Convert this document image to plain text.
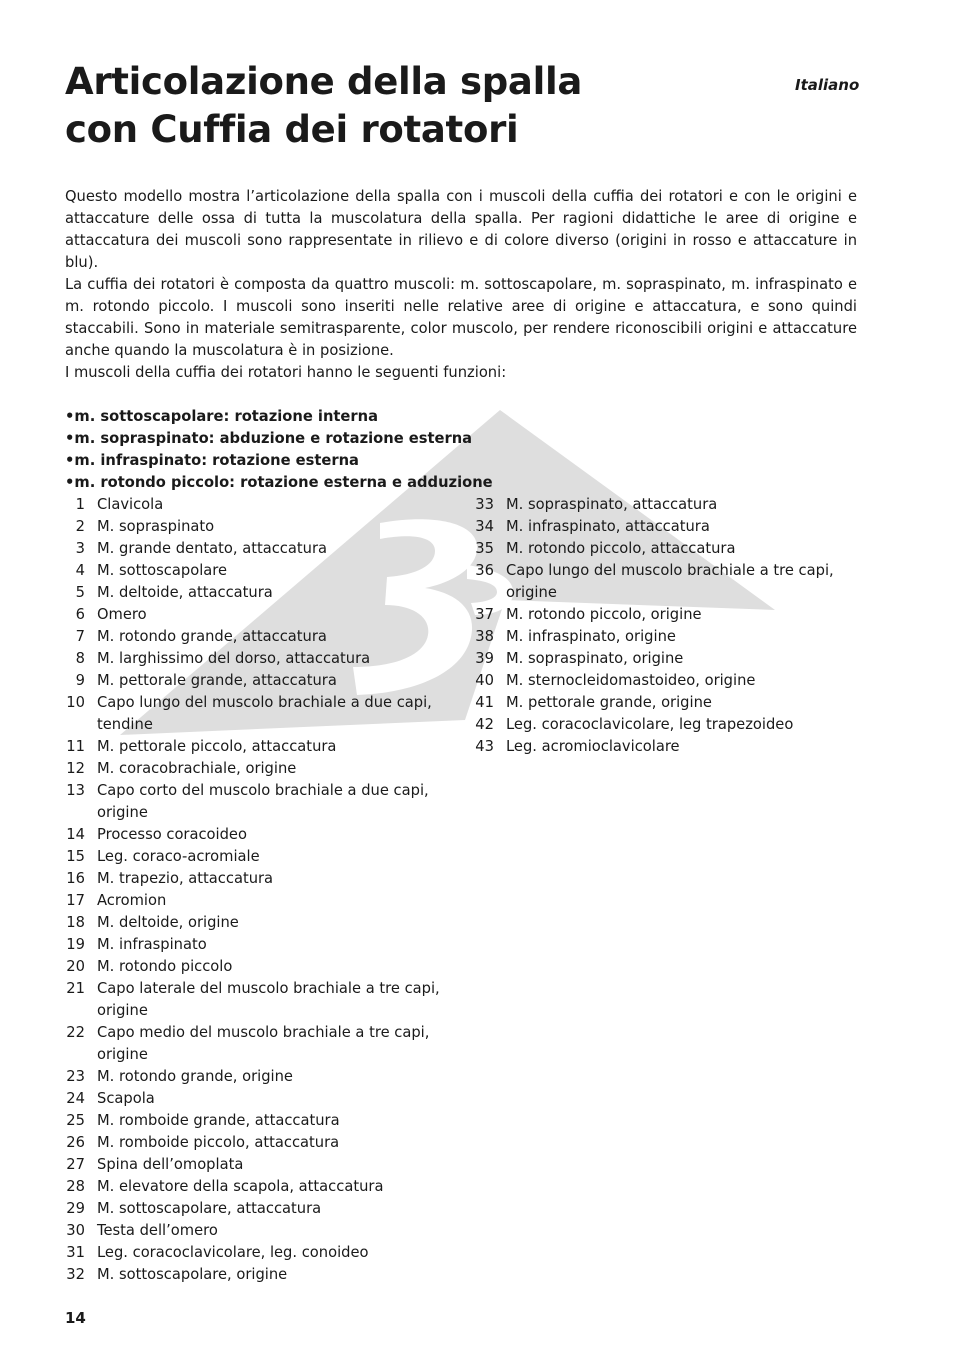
Articolazione della spalla
con Cuffia dei rotatori
Italiano

Questo modello mostra l’articolazione della spalla con i muscoli della cuffia dei rotatori e con le origini e attaccature delle ossa di tutta la muscolatura della spalla. Per ragioni didattiche le aree di origine e attaccatura dei muscoli sono rappresentate in rilievo e di colore diverso (origini in rosso e attaccature in blu).

La cuffia dei rotatori è composta da quattro muscoli: m. sottoscapolare, m. sopraspinato, m. infraspinato e m. rotondo piccolo. I muscoli sono inseriti nelle relative aree di origine e attaccatura, e sono quindi staccabili. Sono in materiale semitrasparente, color muscolo, per rendere riconoscibili origini e attaccature anche quando la muscolatura è in posizione.

I muscoli della cuffia dei rotatori hanno le seguenti funzioni:

• m. sottoscapolare: rotazione interna
• m. sopraspinato: abduzione e rotazione esterna
• m. infraspinato: rotazione esterna
• m. rotondo piccolo: rotazione esterna e adduzione
1 Clavicola
2 M. sopraspinato
3 M. grande dentato, attaccatura
4 M. sottoscapolare
5 M. deltoide, attaccatura
6 Omero
7 M. rotondo grande, attaccatura
8 M. larghissimo del dorso, attaccatura
9 M. pettorale grande, attaccatura
10 Capo lungo del muscolo brachiale a due capi, tendine
11 M. pettorale piccolo, attaccatura
12 M. coracobrachiale, origine
13 Capo corto del muscolo brachiale a due capi, origine
14 Processo coracoideo
15 Leg. coraco-acromiale
16 M. trapezio, attaccatura
17 Acromion
18 M. deltoide, origine
19 M. infraspinato
20 M. rotondo piccolo
21 Capo laterale del muscolo brachiale a tre capi, origine
22 Capo medio del muscolo brachiale a tre capi, origine
23 M. rotondo grande, origine
24 Scapola
25 M. romboide grande, attaccatura
26 M. romboide piccolo, attaccatura
27 Spina dell’omoplata
28 M. elevatore della scapola, attaccatura
29 M. sottoscapolare, attaccatura
30 Testa dell’omero
31 Leg. coracoclavicolare, leg. conoideo
32 M. sottoscapolare, origine
33 M. sopraspinato, attaccatura
34 M. infraspinato, attaccatura
35 M. rotondo piccolo, attaccatura
36 Capo lungo del muscolo brachiale a tre capi, origine
37 M. rotondo piccolo, origine
38 M. infraspinato, origine
39 M. sopraspinato, origine
40 M. sternocleidomastoideo, origine
41 M. pettorale grande, origine
42 Leg. coracoclavicolare, leg trapezoideo
43 Leg. acromioclavicolare
14
